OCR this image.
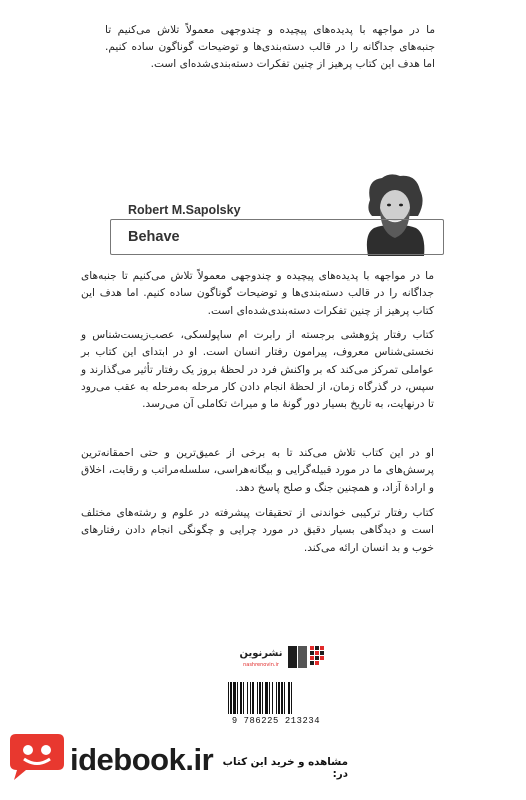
ما در مواجهه با پدیده‌های پیچیده و چندوجهی معمولاً تلاش می‌کنیم تا جنبه‌های جداگانه را در قالب دسته‌بندی‌ها و توضیحات گوناگون ساده کنیم. اما هدف این کتاب پرهیز از چنین تفکرات دسته‌بندی‌شده‌ای است.
Robert M.Sapolsky
Behave
ما در مواجهه با پدیده‌های پیچیده و چندوجهی معمولاً تلاش می‌کنیم تا جنبه‌های جداگانه را در قالب دسته‌بندی‌ها و توضیحات گوناگون ساده کنیم. اما هدف این کتاب پرهیز از چنین تفکرات دسته‌بندی‌شده‌ای است.
کتاب رفتار پژوهشی برجسته از رابرت ام ساپولسکی، عصب‌زیست‌شناس و نخستی‌شناس معروف، پیرامون رفتار انسان است. او در ابتدای این کتاب بر عواملی تمرکز می‌کند که بر واکنش فرد در لحظهٔ بروز یک رفتار تأثیر می‌گذارند و سپس، در گذرگاه زمان، از لحظهٔ انجام دادن کار مرحله به‌مرحله به عقب می‌رود تا درنهایت، به تاریخ بسیار دور گونهٔ ما و میراث تکاملی آن می‌رسد.
او در این کتاب تلاش می‌کند تا به برخی از عمیق‌ترین و حتی احمقانه‌ترین پرسش‌های ما در مورد قبیله‌گرایی و بیگانه‌هراسی، سلسله‌مراتب و رقابت، اخلاق و ارادهٔ آزاد، و همچنین جنگ و صلح پاسخ دهد.
کتاب رفتار ترکیبی خواندنی از تحقیقات پیشرفته در علوم و رشته‌های مختلف است و دیدگاهی بسیار دقیق در مورد چرایی و چگونگی انجام دادن رفتارهای خوب و بد انسان ارائه می‌کند.
نشرنوین
nashrenovin.ir
9 786225 213234
idebook.ir مشاهده و خرید این کتاب در:
